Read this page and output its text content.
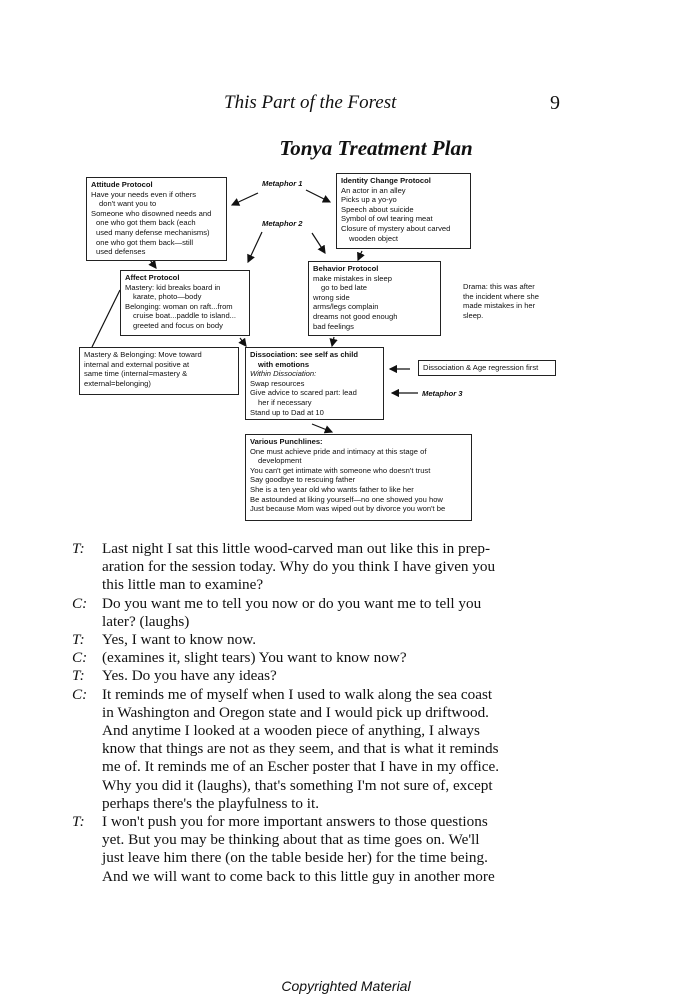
This Part of the Forest	9
Tonya Treatment Plan
Attitude Protocol
Have your needs even if others
don't want you to
Someone who disowned needs and
one who got them back (each
used many defense mechanisms)
one who got them back—still
used defenses
Metaphor 1
Metaphor 2
Identity Change Protocol
An actor in an alley
Picks up a yo-yo
Speech about suicide
Symbol of owl tearing meat
Closure of mystery about carved
wooden object
Affect Protocol
Mastery: kid breaks board in
karate, photo—body
Belonging: woman on raft...from
cruise boat...paddle to island...
greeted and focus on body
Behavior Protocol
make mistakes in sleep
go to bed late
wrong side
arms/legs complain
dreams not good enough
bad feelings
Drama: this was after
the incident where she
made mistakes in her
sleep.
Mastery & Belonging: Move toward
internal and external positive at
same time (internal=mastery &
external=belonging)
Dissociation: see self as child
with emotions
Within Dissociation:
Swap resources
Give advice to scared part: lead
her if necessary
Stand up to Dad at 10
Dissociation & Age regression first
Metaphor 3
Various Punchlines:
One must achieve pride and intimacy at this stage of
development
You can't get intimate with someone who doesn't trust
Say goodbye to rescuing father
She is a ten year old who wants father to like her
Be astounded at liking yourself—no one showed you how
Just because Mom was wiped out by divorce you won't be
T:	Last night I sat this little wood-carved man out like this in prep-
aration for the session today. Why do you think I have given you
this little man to examine?
C: Do you want me to tell you now or do you want me to tell you
later? (laughs)
T:	Yes, I want to know now.
C: (examines it, slight tears) You want to know now?
T:	Yes. Do you have any ideas?
C: It reminds me of myself when I used to walk along the sea coast
in Washington and Oregon state and I would pick up driftwood.
And anytime I looked at a wooden piece of anything, I always
know that things are not as they seem, and that is what it reminds
me of. It reminds me of an Escher poster that I have in my office.
Why you did it (laughs), that's something I'm not sure of, except
perhaps there's the playfulness to it.
T:	I won't push you for more important answers to those questions
yet. But you may be thinking about that as time goes on. We'll
just leave him there (on the table beside her) for the time being.
And we will want to come back to this little guy in another more
Copyrighted Material
